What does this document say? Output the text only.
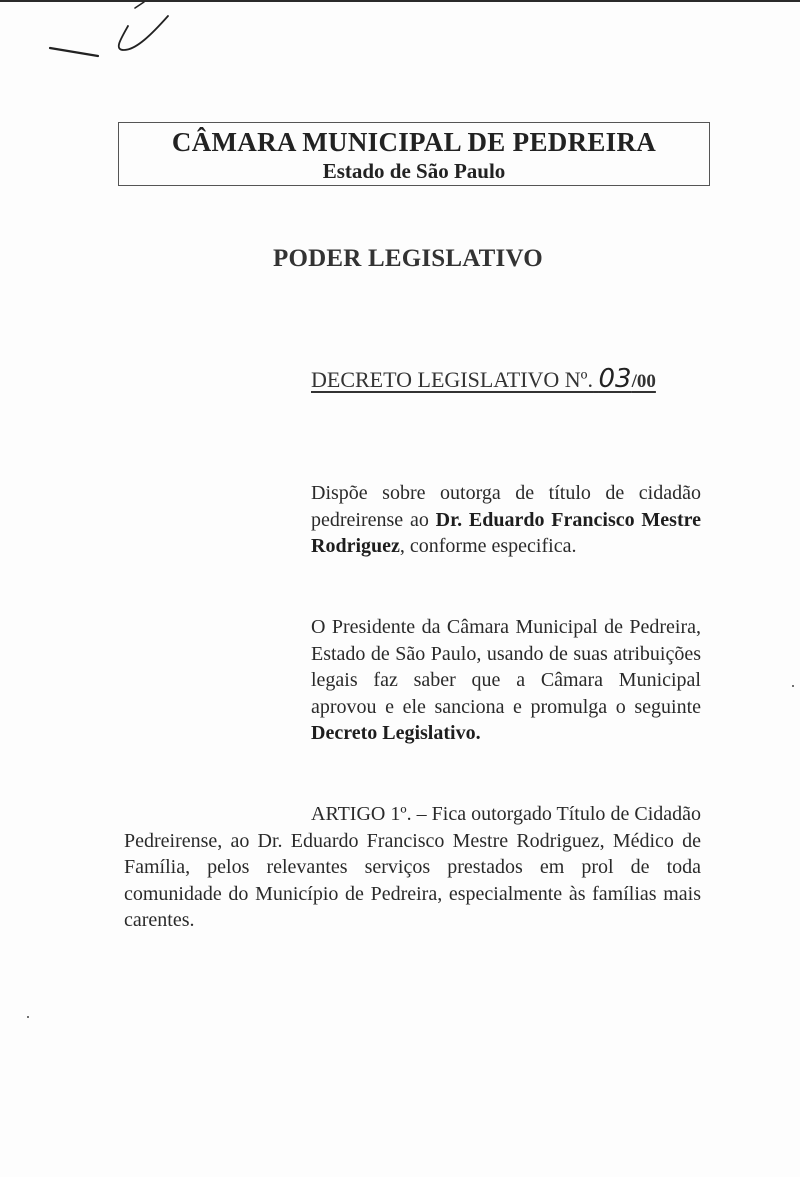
CÂMARA MUNICIPAL DE PEDREIRA
Estado de São Paulo
PODER LEGISLATIVO
DECRETO LEGISLATIVO Nº. 03/00
Dispõe sobre outorga de título de cidadão pedreirense ao Dr. Eduardo Francisco Mestre Rodriguez, conforme especifica.
O Presidente da Câmara Municipal de Pedreira, Estado de São Paulo, usando de suas atribuições legais faz saber que a Câmara Municipal aprovou e ele sanciona e promulga o seguinte Decreto Legislativo.
ARTIGO 1º. – Fica outorgado Título de Cidadão Pedreirense, ao Dr. Eduardo Francisco Mestre Rodriguez, Médico de Família, pelos relevantes serviços prestados em prol de toda comunidade do Município de Pedreira, especialmente às famílias mais carentes.
